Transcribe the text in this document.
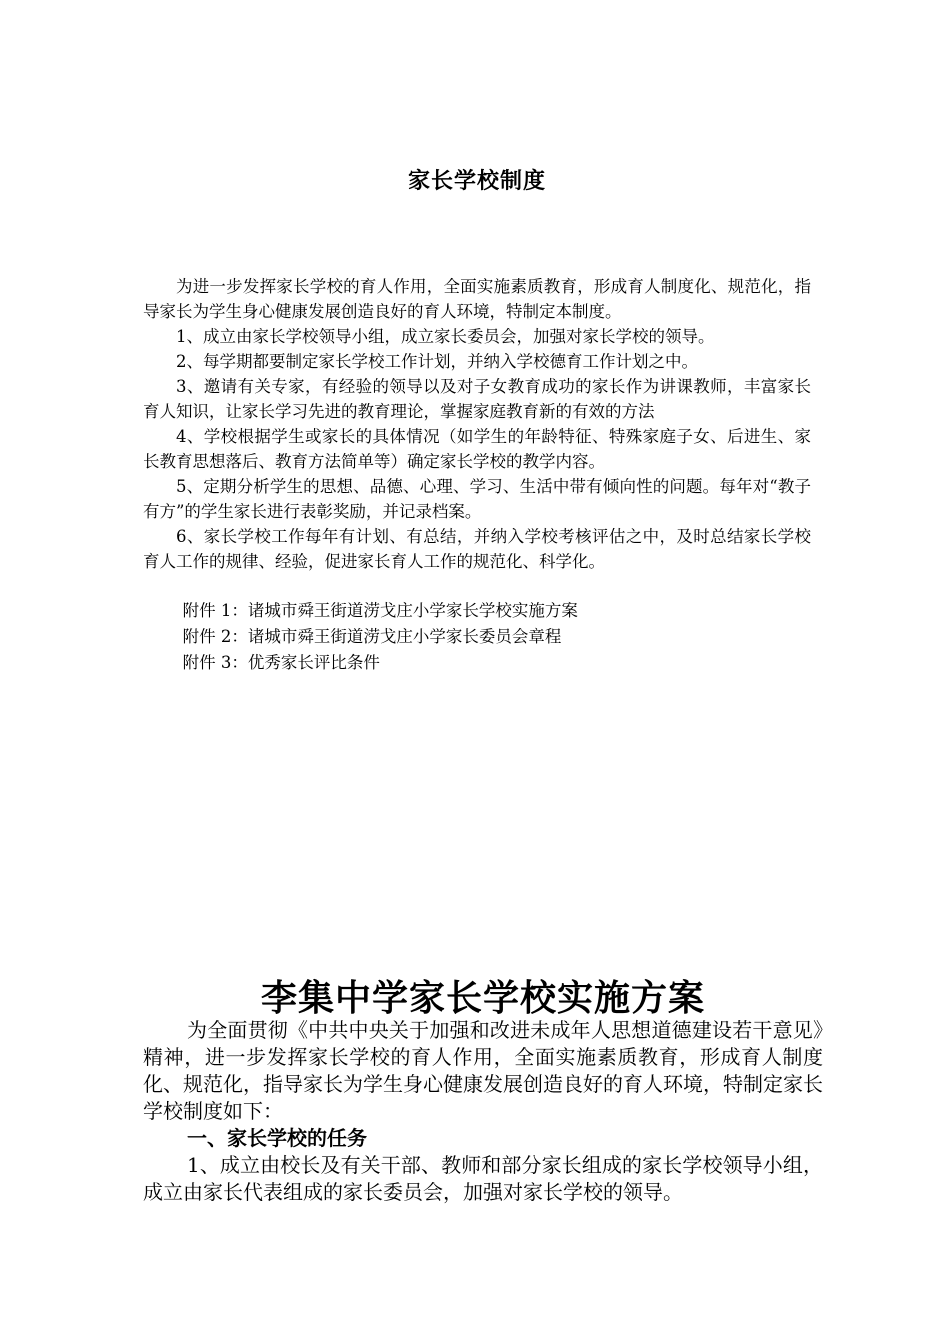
家长学校制度

为进一步发挥家长学校的育人作用，全面实施素质教育，形成育人制度化、规范化，指导家长为学生身心健康发展创造良好的育人环境，特制定本制度。

1、成立由家长学校领导小组，成立家长委员会，加强对家长学校的领导。

2、每学期都要制定家长学校工作计划，并纳入学校德育工作计划之中。

3、邀请有关专家，有经验的领导以及对子女教育成功的家长作为讲课教师，丰富家长育人知识，让家长学习先进的教育理论，掌握家庭教育新的有效的方法

4、学校根据学生或家长的具体情况（如学生的年龄特征、特殊家庭子女、后进生、家长教育思想落后、教育方法简单等）确定家长学校的教学内容。

5、定期分析学生的思想、品德、心理、学习、生活中带有倾向性的问题。每年对“教子有方”的学生家长进行表彰奖励，并记录档案。

6、家长学校工作每年有计划、有总结，并纳入学校考核评估之中，及时总结家长学校育人工作的规律、经验，促进家长育人工作的规范化、科学化。

附件 1：诸城市舜王街道涝戈庄小学家长学校实施方案

附件 2：诸城市舜王街道涝戈庄小学家长委员会章程

附件 3：优秀家长评比条件

李集中学家长学校实施方案

为全面贯彻《中共中央关于加强和改进未成年人思想道德建设若干意见》精神，进一步发挥家长学校的育人作用，全面实施素质教育，形成育人制度化、规范化，指导家长为学生身心健康发展创造良好的育人环境，特制定家长学校制度如下：

一、家长学校的任务

1、成立由校长及有关干部、教师和部分家长组成的家长学校领导小组，成立由家长代表组成的家长委员会，加强对家长学校的领导。
